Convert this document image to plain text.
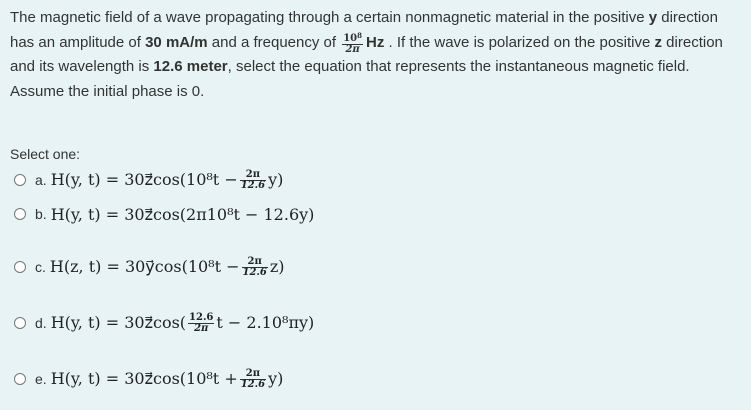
The magnetic field of a wave propagating through a certain nonmagnetic material in the positive y direction has an amplitude of 30 mA/m and a frequency of $\frac{10^8}{2\pi}$ Hz . If the wave is polarized on the positive z direction and its wavelength is 12.6 meter, select the equation that represents the instantaneous magnetic field. Assume the initial phase is 0.
Select one:
a. H(y, t) = 30z⃗cos(10⁸t − $\frac{2\pi}{12.6} y$)
b. H(y, t) = 30z⃗cos(2π10⁸t − 12.6y)
c. H(z, t) = 30y⃗cos(10⁸t − $\frac{2\pi}{12.6} z$)
d. H(y, t) = 30z⃗cos( $\frac{12.6}{2\pi}$ t − 2.10⁸πy)
e. H(y, t) = 30z⃗cos(10⁸t + $\frac{2\pi}{12.6} y$)
